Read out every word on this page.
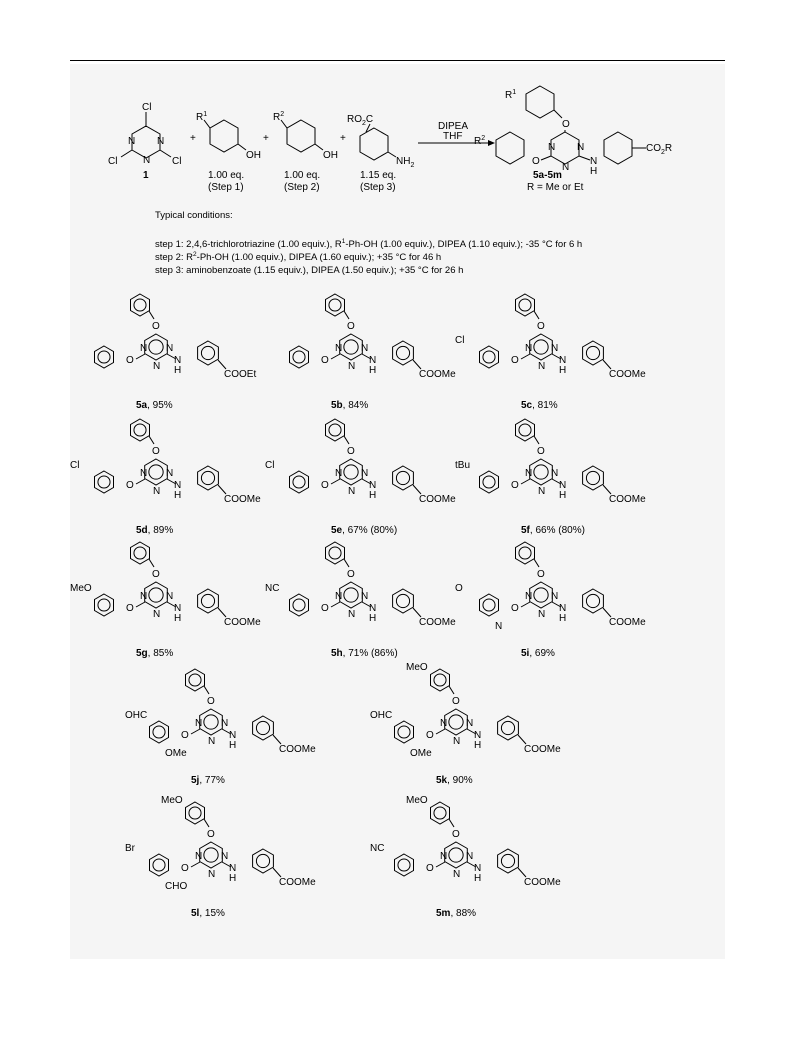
Cl
Cl	Cl
N N
N
1
+
$R^1$
OH
1.00 eq.
(Step 1)
+
$R^2$
OH
1.00 eq.
(Step 2)
+
$RO_2C$
$NH_2$
1.15 eq.
(Step 3)
DIPEA
THF
$R^1$
O
N N
N
O
$R^2$
N
H
$CO_2R$
5a-5m
R = Me or Et
Typical conditions:
step 1: 2,4,6-trichlorotriazine (1.00 equiv.), $R^1-Ph-OH$ (1.00 equiv.), DIPEA (1.10 equiv.); -35 °C for 6 h
step 2: $R^2-Ph-OH$ (1.00 equiv.), DIPEA (1.60 equiv.); +35 °C for 46 h
step 3: aminobenzoate (1.15 equiv.), DIPEA (1.50 equiv.); +35 °C for 26 h
O
N N
N
O	N
H	COOEt
5a, 95%
O
N N
N
O	N
H	COOMe
5b, 84%
O
N N
N
O
Cl
N
H	COOMe
5c, 81%
O
N N
N
O
Cl
N
H	COOMe
5d, 89%
O
N N
N
O
Cl
N
H	COOMe
5e, 67% (80%)
O
N N
N
O
tBu
N
H	COOMe
5f, 66% (80%)
O
N N
N
O
MeO
N
H	COOMe
5g, 85%
O
N N
N
O
NC
N
H	COOMe
5h, 71% (86%)
O
N N
N
O
O
N
N
H	COOMe
5i, 69%
O
N N
N
O
OHC
OMe
N
H	COOMe
5j, 77%
MeO
O
N N
N
O
OHC
OMe
N
H	COOMe
5k, 90%
MeO
O
N N
N
O
Br
CHO
N
H	COOMe
5l, 15%
MeO
O
N N
N
O
NC
N
H	COOMe
5m, 88%
